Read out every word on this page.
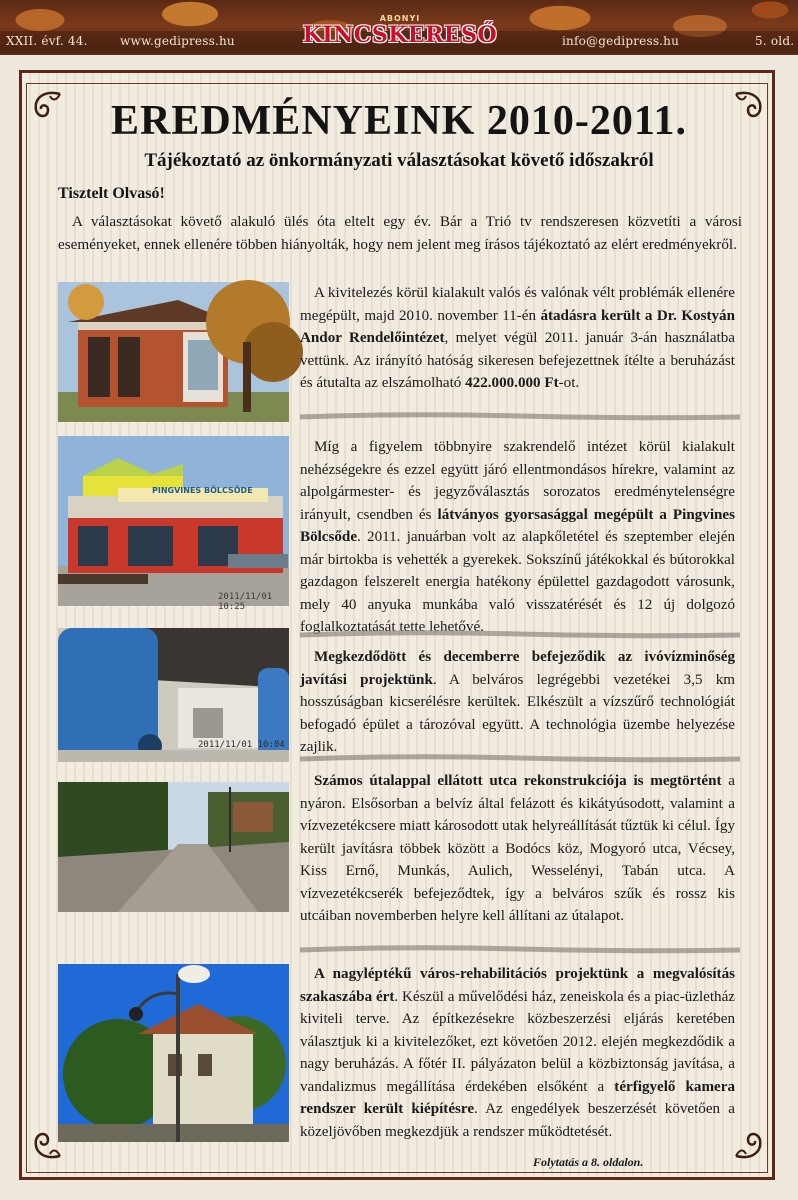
XXII. évf. 44.	www.gedipress.hu
ABONYI
KINCSKERESŐ	info@gedipress.hu	5. old.
EREDMÉNYEINK 2010-2011.
Tájékoztató az önkormányzati választásokat követő időszakról
Tisztelt Olvasó!

A választásokat követő alakuló ülés óta eltelt egy év. Bár a Trió tv rendszeresen közvetíti a városi eseményeket, ennek ellenére többen hiányolták, hogy nem jelent meg írásos tájékoztató az elért eredményekről.

A kivitelezés körül kialakult valós és valónak vélt problémák ellenére megépült, majd 2010. november 11-én átadásra került a Dr. Kostyán Andor Rendelőintézet, melyet végül 2011. január 3-án használatba vettünk. Az irányító hatóság sikeresen befejezettnek ítélte a beruházást és átutalta az elszámolható 422.000.000 Ft-ot.

PINGVINES BÖLCSŐDE
2011/11/01 10:25

Míg a figyelem többnyire szakrendelő intézet körül kialakult nehézségekre és ezzel együtt járó ellentmondásos hírekre, valamint az alpolgármester- és jegyzőválasztás sorozatos eredménytelenségre irányult, csendben és látványos gyorsasággal megépült a Pingvines Bölcsőde. 2011. januárban volt az alapkőletétel és szeptember elején már birtokba is vehették a gyerekek. Sokszínű játékokkal és bútorokkal gazdagon felszerelt energia hatékony épülettel gazdagodott városunk, mely 40 anyuka munkába való visszatérését és 12 új dolgozó foglalkoztatását tette lehetővé.

2011/11/01 10:04

Megkezdődött és decemberre befejeződik az ivóvízminőség javítási projektünk. A belváros legrégebbi vezetékei 3,5 km hosszúságban kicserélésre kerültek. Elkészült a vízszűrő technológiát befogadó épület a tározóval együtt. A technológia üzembe helyezése zajlik.

Számos útalappal ellátott utca rekonstrukciója is megtörtént a nyáron. Elsősorban a belvíz által felázott és kikátyúsodott, valamint a vízvezetékcsere miatt károsodott utak helyreállítását tűztük ki célul. Így került javításra többek között a Bodócs köz, Mogyoró utca, Vécsey, Kiss Ernő, Munkás, Aulich, Wesselényi, Tabán utca. A vízvezetékcserék befejeződtek, így a belváros szűk és rossz kis utcáiban novemberben helyre kell állítani az útalapot.

A nagyléptékű város-rehabilitációs projektünk a megvalósítás szakaszába ért. Készül a művelődési ház, zeneiskola és a piac-üzletház kiviteli terve. Az építkezésekre közbeszerzési eljárás keretében választjuk ki a kivitelezőket, ezt követően 2012. elején megkezdődik a nagy beruházás. A főtér II. pályázaton belül a közbiztonság javítása, a vandalizmus megállítása érdekében elsőként a térfigyelő kamera rendszer került kiépítésre. Az engedélyek beszerzését követően a közeljövőben megkezdjük a rendszer működtetését.

Folytatás a 8. oldalon.
